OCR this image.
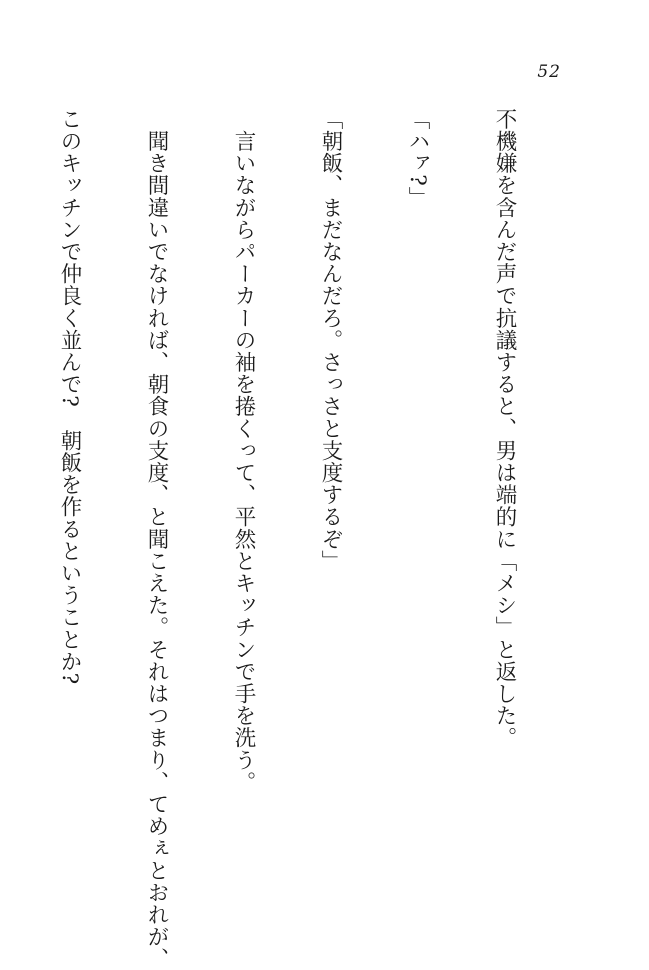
52

不機嫌を含んだ声で抗議すると、男は端的に「メシ」と返した。

「ハァ?」

「朝飯、まだなんだろ。さっさと支度するぞ」

　言いながらパーカーの袖を捲くって、平然とキッチンで手を洗う。

　聞き間違いでなければ、朝食の支度、と聞こえた。それはつまり、てめぇとおれが、

このキッチンで仲良く並んで?　朝飯を作るということか?
